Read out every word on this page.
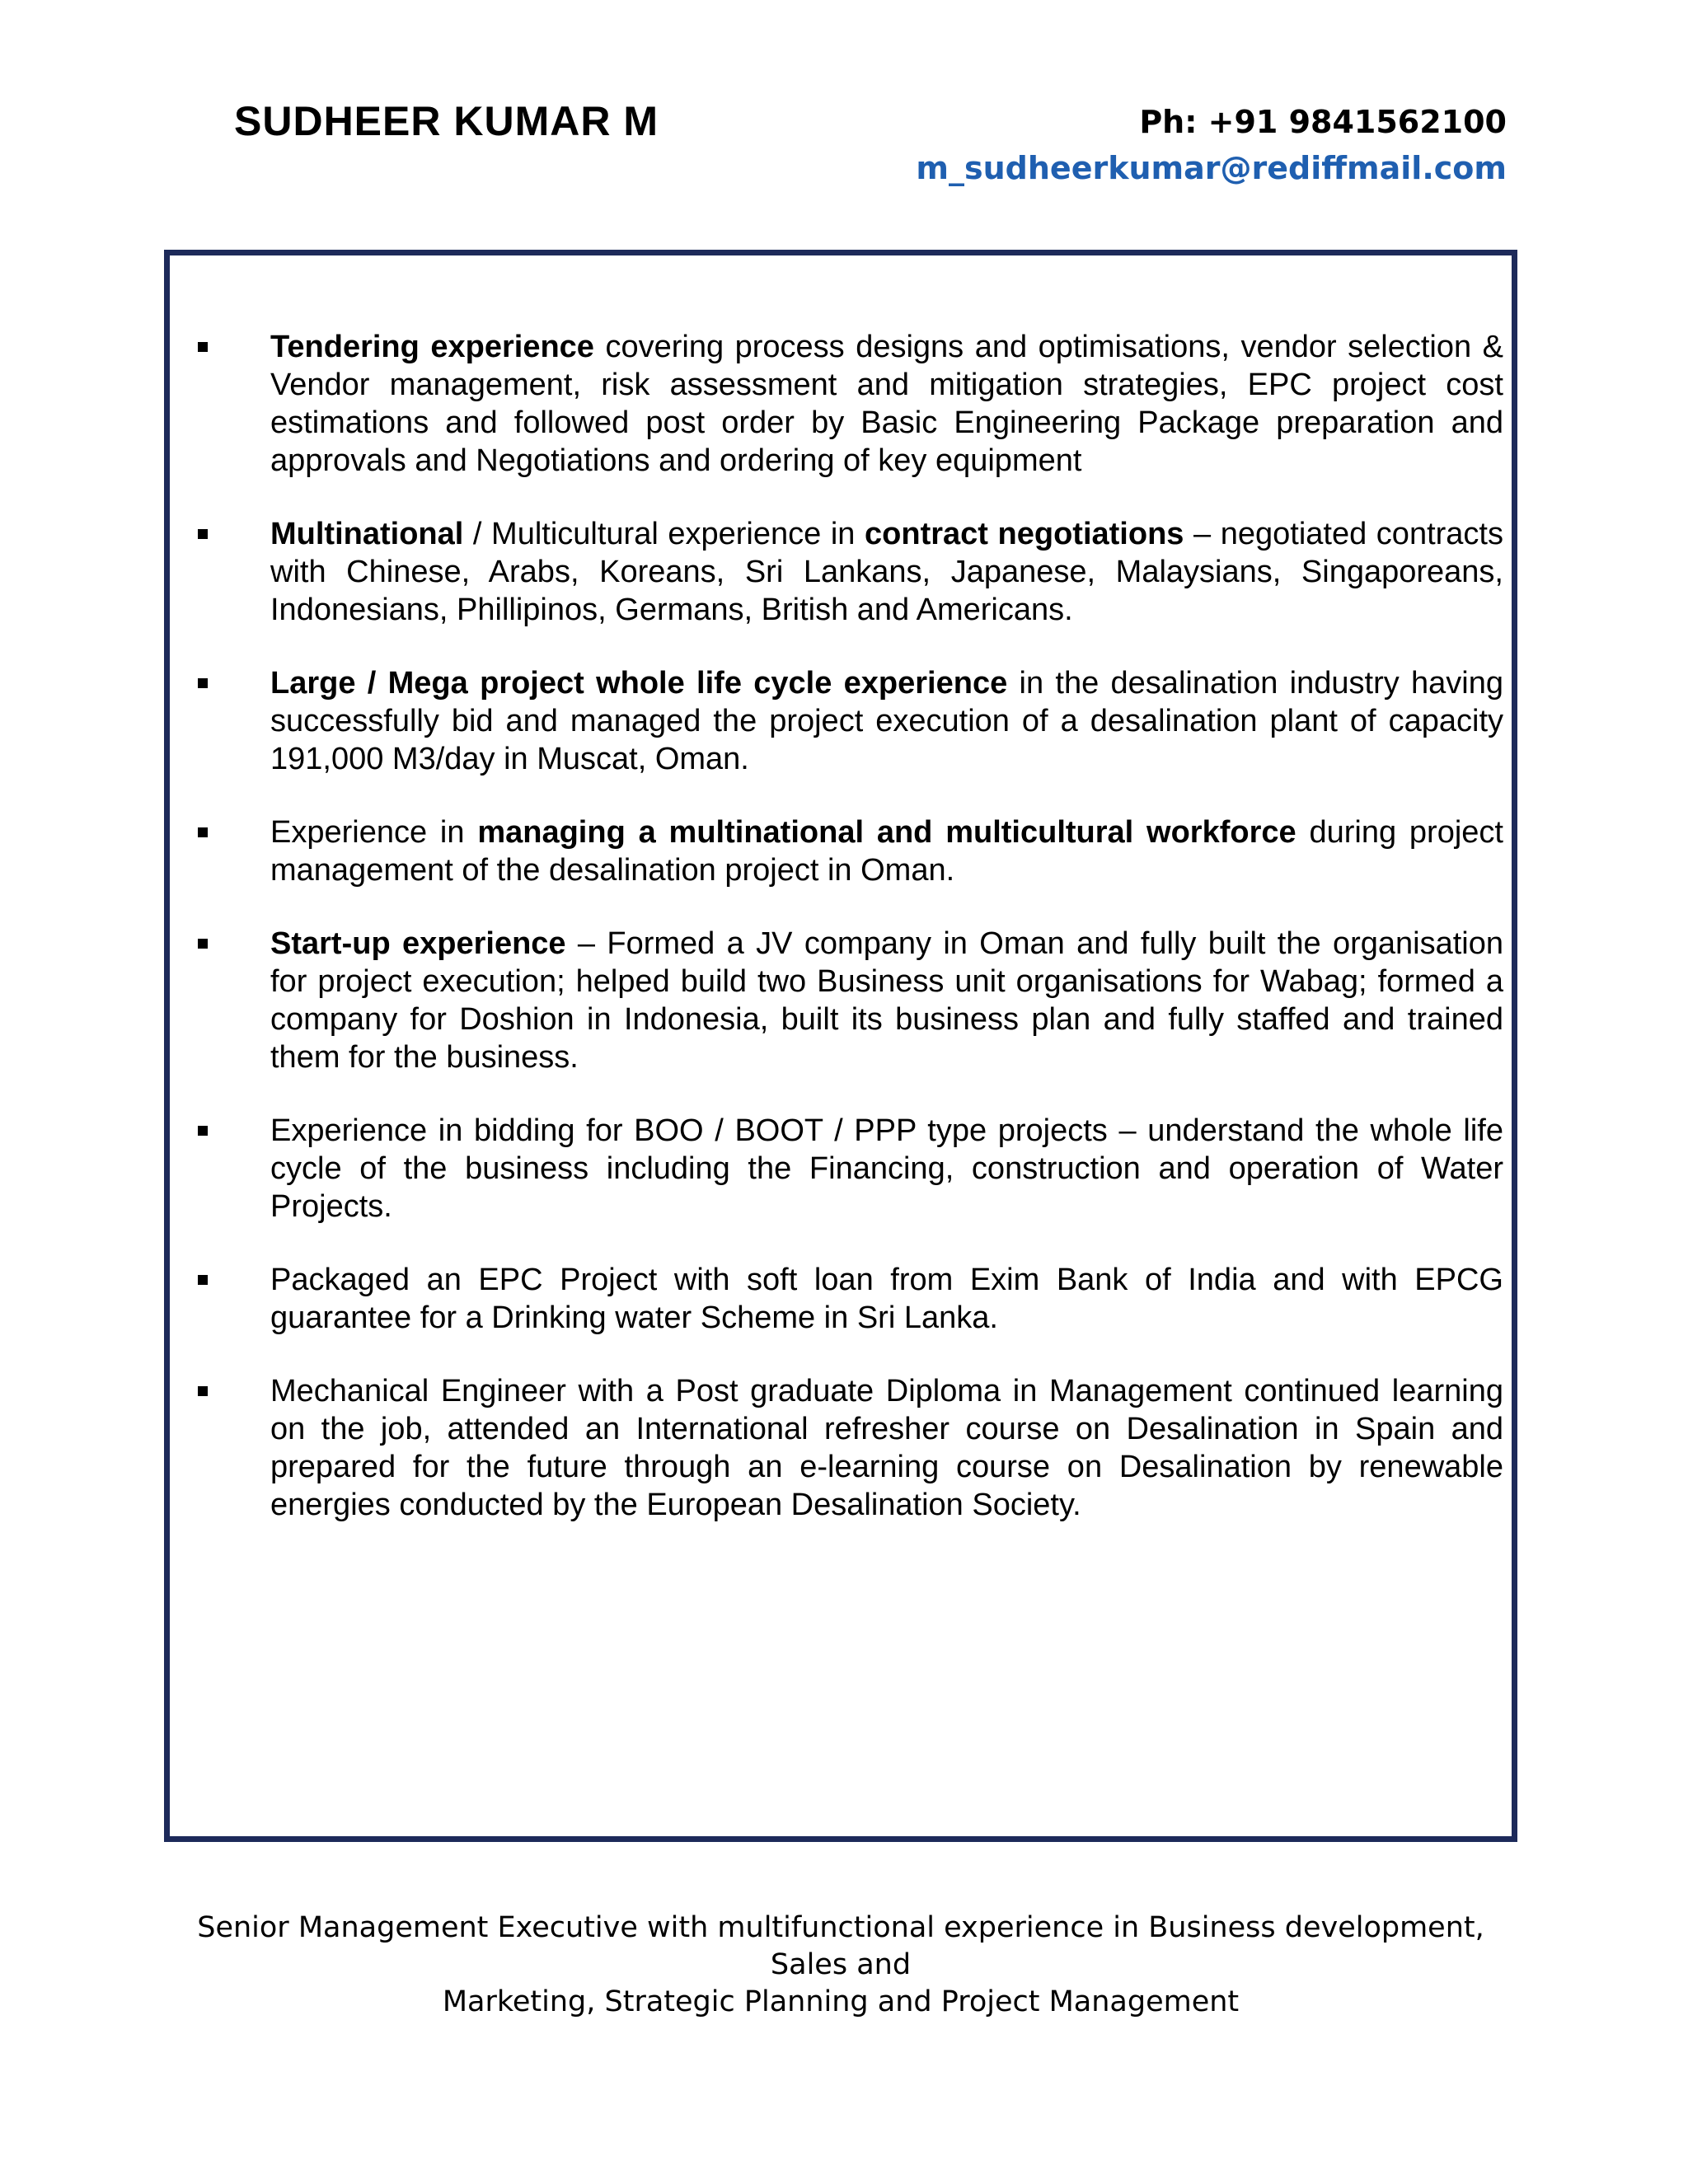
SUDHEER KUMAR M	Ph: +91 9841562100
m_sudheerkumar@rediffmail.com
Tendering experience covering process designs and optimisations, vendor selection & Vendor management, risk assessment and mitigation strategies, EPC project cost estimations and followed post order by Basic Engineering Package preparation and approvals and Negotiations and ordering of key equipment
Multinational / Multicultural experience in contract negotiations – negotiated contracts with Chinese, Arabs, Koreans, Sri Lankans, Japanese, Malaysians, Singaporeans, Indonesians, Phillipinos, Germans, British and Americans.
Large / Mega project whole life cycle experience in the desalination industry having successfully bid and managed the project execution of a desalination plant of capacity 191,000 M3/day in Muscat, Oman.
Experience in managing a multinational and multicultural workforce during project management of the desalination project in Oman.
Start-up experience – Formed a JV company in Oman and fully built the organisation for project execution; helped build two Business unit organisations for Wabag; formed a company for Doshion in Indonesia, built its business plan and fully staffed and trained them for the business.
Experience in bidding for BOO / BOOT / PPP type projects – understand the whole life cycle of the business including the Financing, construction and operation of Water Projects.
Packaged an EPC Project with soft loan from Exim Bank of India and with EPCG guarantee for a Drinking water Scheme in Sri Lanka.
Mechanical Engineer with a Post graduate Diploma in Management continued learning on the job, attended an International refresher course on Desalination in Spain and prepared for the future through an e-learning course on Desalination by renewable energies conducted by the European Desalination Society.
Senior Management Executive with multifunctional experience in Business development, Sales and
Marketing, Strategic Planning and Project Management
